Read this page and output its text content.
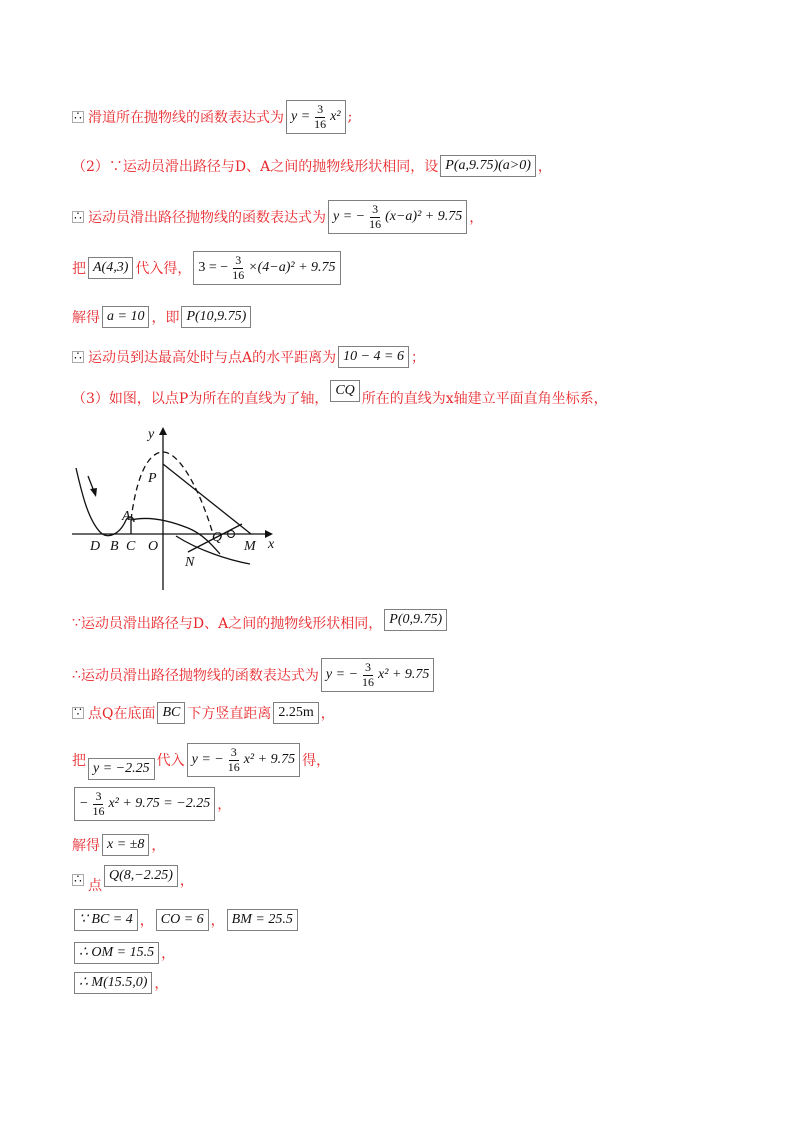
∴ 滑道所在抛物线的函数表达式为 $y = \frac{3}{16} x^2$ ;
（2）∵ 运动员滑出路径与D、A之间的抛物线形状相同，设 P(a,9.75)(a>0) ，
∴ 运动员滑出路径抛物线的函数表达式为 y = − $\frac{3}{16} (x-a)^2 + 9.75$ ，
把 A(4,3) 代入得， 3 = − $\frac{3}{16} \times(4-a)^2 + 9.75$
解得 a = 10 ，即 P(10,9.75)
∴ 运动员到达最高处时与点A的水平距离为 10 − 4 = 6 ；
（3）如图，以点P为所在的直线为了轴，
CQ
所在的直线为x轴建立平面直角坐标系，
y
x
P
A
D B C O
Q
M
N
∵ 运动员滑出路径与D、A之间的抛物线形状相同， P(0,9.75)
∴ 运动员滑出路径抛物线的函数表达式为 y = − $\frac{3}{16} x^2 + 9.75$
∵ 点Q在底面 BC 下方竖直距离 2.25m ，
把 y = −2.25 代入 y = − $\frac{3}{16} x^2 + 9.75$ 得，
− $\frac{3}{16} x^2 + 9.75 = -2.25$ ，
解得 x = ±8 ，
∴ 点
Q(8,−2.25) ，
∵ BC = 4 ， CO = 6 ， BM = 25.5
∴ OM = 15.5 ，
∴ M(15.5,0) ，
